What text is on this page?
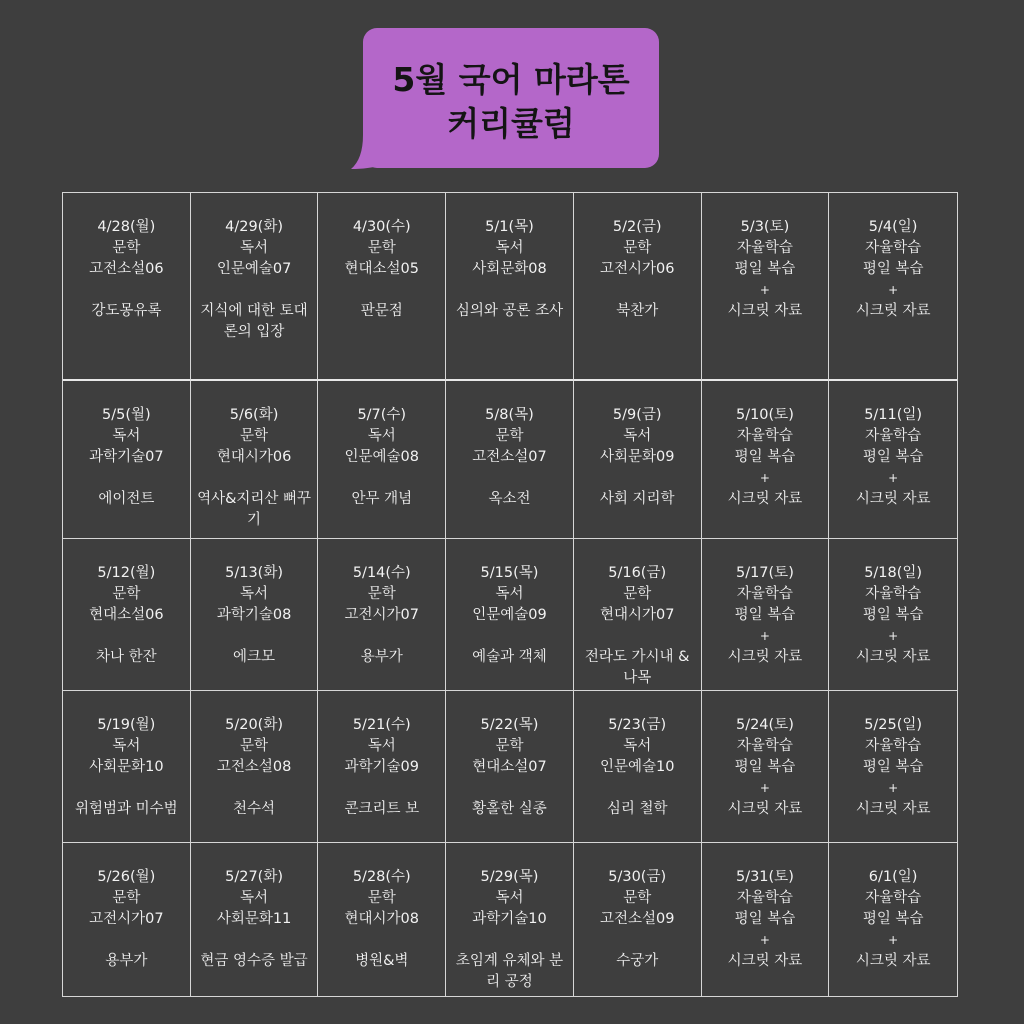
5월 국어 마라톤
커리큘럼
4/28(월)
문학
고전소설06
강도몽유록
4/29(화)
독서
인문예술07
지식에 대한 토대론의 입장
4/30(수)
문학
현대소설05
판문점
5/1(목)
독서
사회문화08
심의와 공론 조사
5/2(금)
문학
고전시가06
북찬가
5/3(토)
자율학습
평일 복습
+
시크릿 자료
5/4(일)
자율학습
평일 복습
+
시크릿 자료
5/5(월)
독서
과학기술07
에이전트
5/6(화)
문학
현대시가06
역사&지리산 뻐꾸기
5/7(수)
독서
인문예술08
안무 개념
5/8(목)
문학
고전소설07
옥소전
5/9(금)
독서
사회문화09
사회 지리학
5/10(토)
자율학습
평일 복습
+
시크릿 자료
5/11(일)
자율학습
평일 복습
+
시크릿 자료
5/12(월)
문학
현대소설06
차나 한잔
5/13(화)
독서
과학기술08
에크모
5/14(수)
문학
고전시가07
용부가
5/15(목)
독서
인문예술09
예술과 객체
5/16(금)
문학
현대시가07
전라도 가시내 &나목
5/17(토)
자율학습
평일 복습
+
시크릿 자료
5/18(일)
자율학습
평일 복습
+
시크릿 자료
5/19(월)
독서
사회문화10
위험범과 미수범
5/20(화)
문학
고전소설08
천수석
5/21(수)
독서
과학기술09
콘크리트 보
5/22(목)
문학
현대소설07
황홀한 실종
5/23(금)
독서
인문예술10
심리 철학
5/24(토)
자율학습
평일 복습
+
시크릿 자료
5/25(일)
자율학습
평일 복습
+
시크릿 자료
5/26(월)
문학
고전시가07
용부가
5/27(화)
독서
사회문화11
현금 영수증 발급
5/28(수)
문학
현대시가08
병원&벽
5/29(목)
독서
과학기술10
초임계 유체와 분리 공정
5/30(금)
문학
고전소설09
수궁가
5/31(토)
자율학습
평일 복습
+
시크릿 자료
6/1(일)
자율학습
평일 복습
+
시크릿 자료
